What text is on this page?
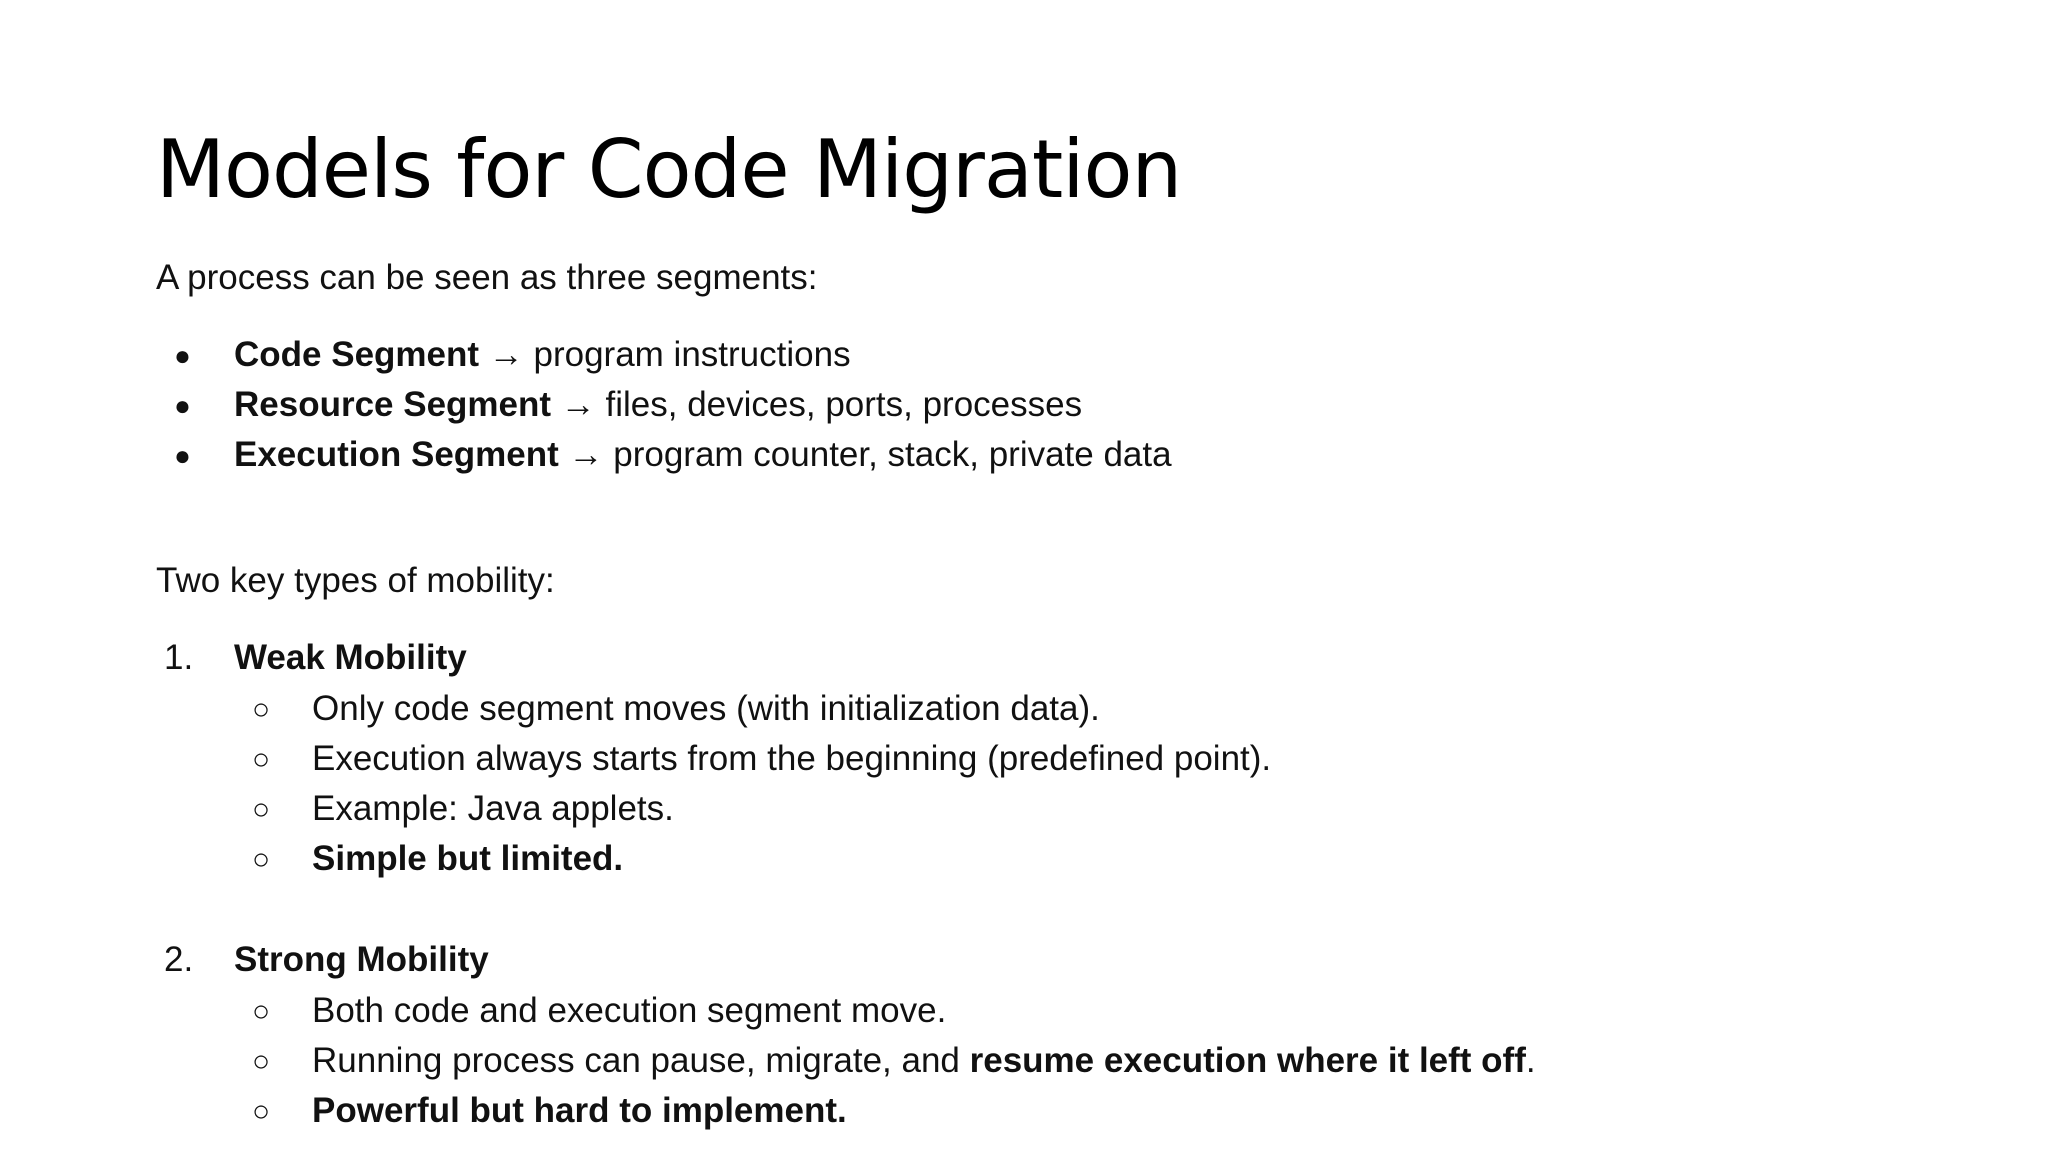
Models for Code Migration
A process can be seen as three segments:
● Code Segment → program instructions
● Resource Segment → files, devices, ports, processes
● Execution Segment → program counter, stack, private data
Two key types of mobility:
1. Weak Mobility
○ Only code segment moves (with initialization data).
○ Execution always starts from the beginning (predefined point).
○ Example: Java applets.
○ Simple but limited.
2. Strong Mobility
○ Both code and execution segment move.
○ Running process can pause, migrate, and resume execution where it left off.
○ Powerful but hard to implement.
